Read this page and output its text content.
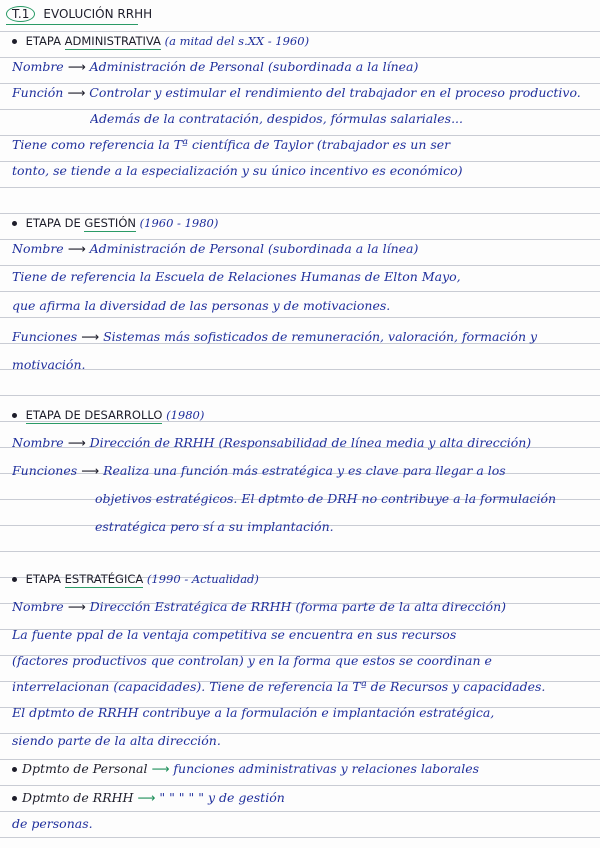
T.1	EVOLUCIÓN RRHH
ETAPA ADMINISTRATIVA (a mitad del s.XX - 1960)
Nombre ⟶ Administración de Personal (subordinada a la línea)
Función ⟶ Controlar y estimular el rendimiento del trabajador en el proceso productivo.
Además de la contratación, despidos, fórmulas salariales...
Tiene como referencia la Tª científica de Taylor (trabajador es un ser
tonto, se tiende a la especialización y su único incentivo es económico)
ETAPA DE GESTIÓN (1960 - 1980)
Nombre ⟶ Administración de Personal (subordinada a la línea)
Tiene de referencia la Escuela de Relaciones Humanas de Elton Mayo,
que afirma la diversidad de las personas y de motivaciones.
Funciones ⟶ Sistemas más sofisticados de remuneración, valoración, formación y
motivación.
ETAPA DE DESARROLLO (1980)
Nombre ⟶ Dirección de RRHH (Responsabilidad de línea media y alta dirección)
Funciones ⟶ Realiza una función más estratégica y es clave para llegar a los
objetivos estratégicos. El dptmto de DRH no contribuye a la formulación
estratégica pero sí a su implantación.
ETAPA ESTRATÉGICA (1990 - Actualidad)
Nombre ⟶ Dirección Estratégica de RRHH (forma parte de la alta dirección)
La fuente ppal de la ventaja competitiva se encuentra en sus recursos
(factores productivos que controlan) y en la forma que estos se coordinan e
interrelacionan (capacidades). Tiene de referencia la Tª de Recursos y capacidades.
El dptmto de RRHH contribuye a la formulación e implantación estratégica,
siendo parte de la alta dirección.
Dptmto de Personal ⟶ funciones administrativas y relaciones laborales
Dptmto de RRHH ⟶ " " " " " y de gestión
de personas.
